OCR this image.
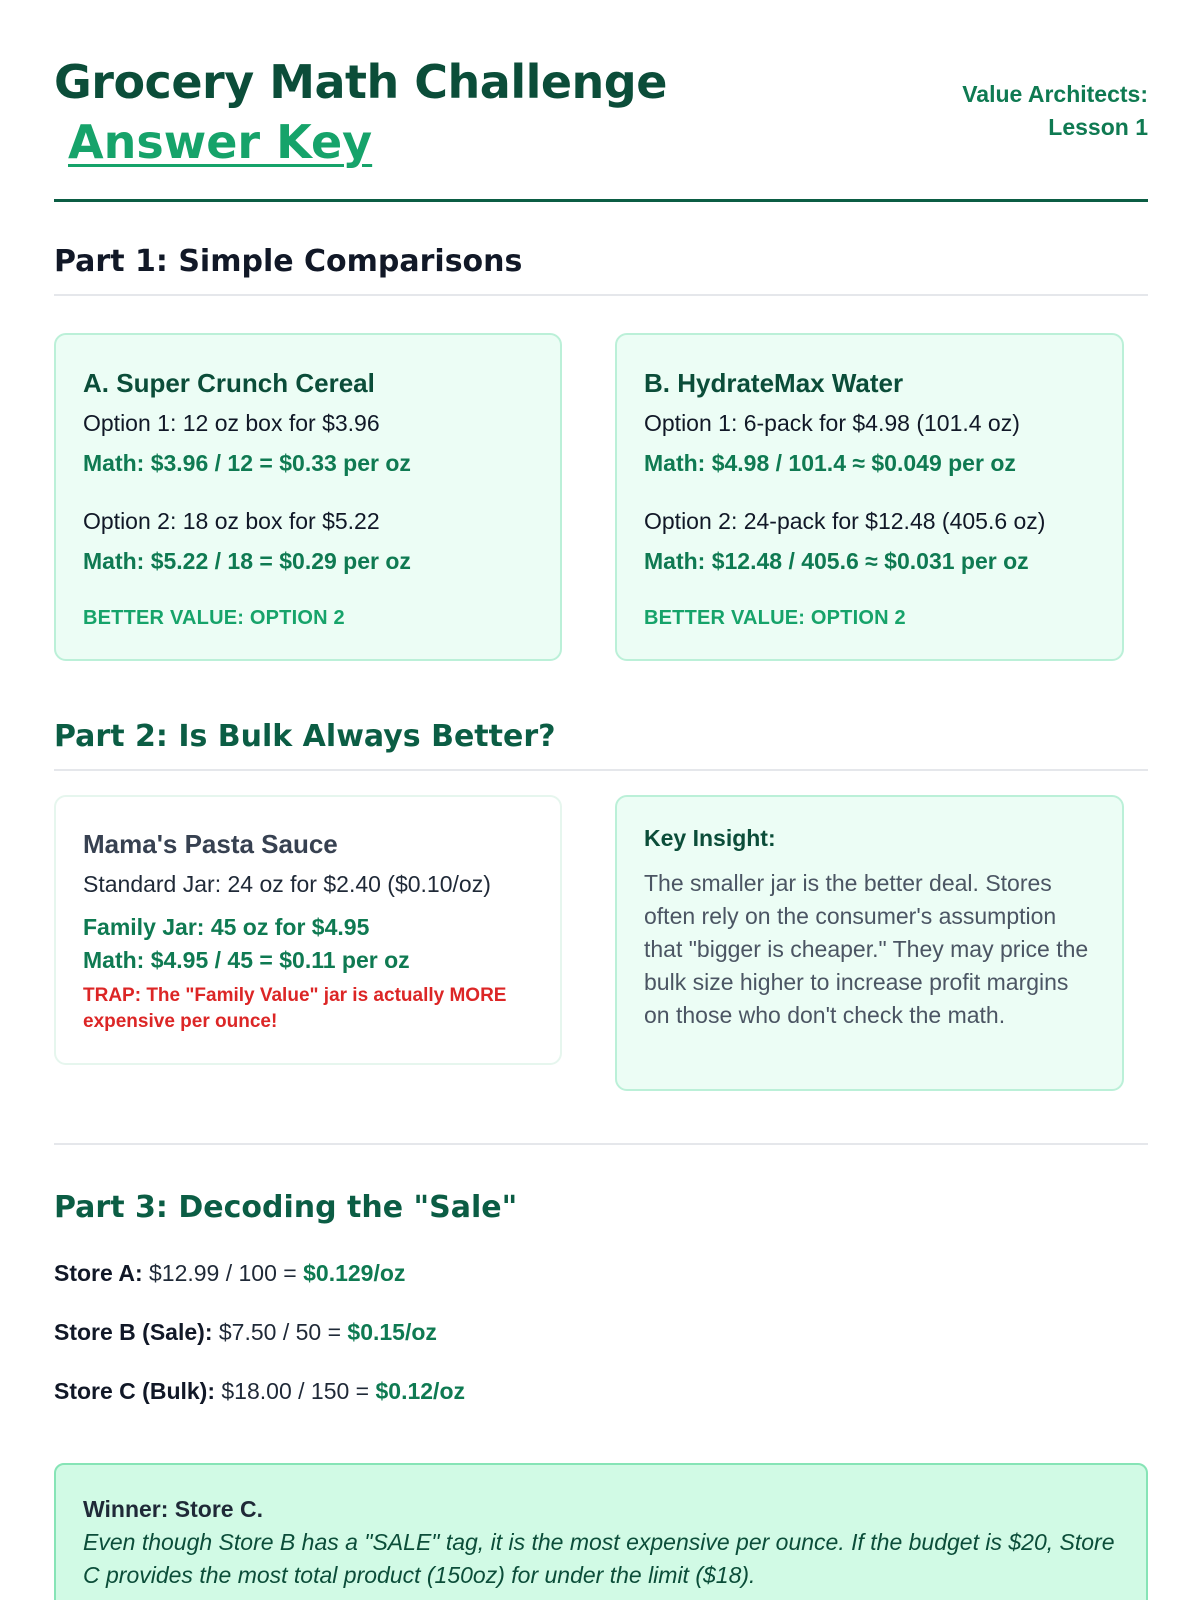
Grocery Math Challenge
Answer Key
Value Architects:
Lesson 1
Part 1: Simple Comparisons
A. Super Crunch Cereal
Option 1: 12 oz box for $3.96
Math: $3.96 / 12 = $0.33 per oz
Option 2: 18 oz box for $5.22
Math: $5.22 / 18 = $0.29 per oz
BETTER VALUE: OPTION 2
B. HydrateMax Water
Option 1: 6-pack for $4.98 (101.4 oz)
Math: $4.98 / 101.4 ≈ $0.049 per oz
Option 2: 24-pack for $12.48 (405.6 oz)
Math: $12.48 / 405.6 ≈ $0.031 per oz
BETTER VALUE: OPTION 2
Part 2: Is Bulk Always Better?
Mama's Pasta Sauce
Standard Jar: 24 oz for $2.40 ($0.10/oz)
Family Jar: 45 oz for $4.95
Math: $4.95 / 45 = $0.11 per oz
TRAP: The "Family Value" jar is actually MORE expensive per ounce!
Key Insight:
The smaller jar is the better deal. Stores often rely on the consumer's assumption that "bigger is cheaper." They may price the bulk size higher to increase profit margins on those who don't check the math.
Part 3: Decoding the "Sale"
Store A: $12.99 / 100 = $0.129/oz
Store B (Sale): $7.50 / 50 = $0.15/oz
Store C (Bulk): $18.00 / 150 = $0.12/oz
Winner: Store C.
Even though Store B has a "SALE" tag, it is the most expensive per ounce. If the budget is $20, Store C provides the most total product (150oz) for under the limit ($18).
